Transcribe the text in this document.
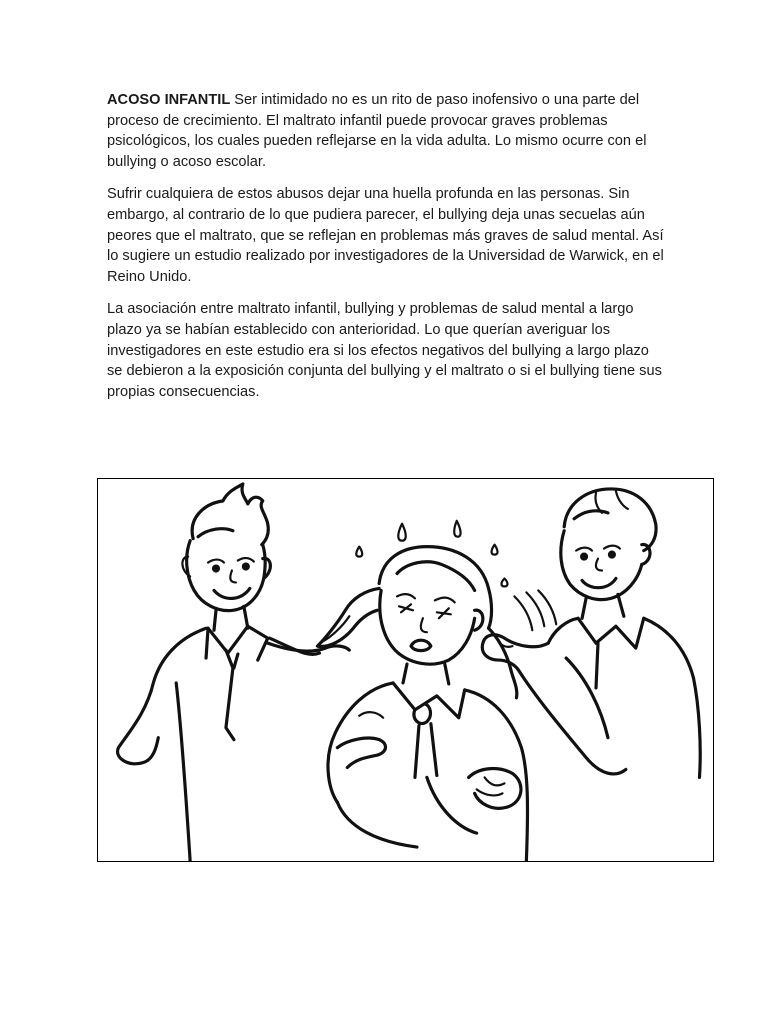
ACOSO INFANTIL Ser intimidado no es un rito de paso inofensivo o una parte del proceso de crecimiento. El maltrato infantil puede provocar graves problemas psicológicos, los cuales pueden reflejarse en la vida adulta. Lo mismo ocurre con el bullying o acoso escolar.

Sufrir cualquiera de estos abusos dejar una huella profunda en las personas. Sin embargo, al contrario de lo que pudiera parecer, el bullying deja unas secuelas aún peores que el maltrato, que se reflejan en problemas más graves de salud mental. Así lo sugiere un estudio realizado por investigadores de la Universidad de Warwick, en el Reino Unido.

La asociación entre maltrato infantil, bullying y problemas de salud mental a largo plazo ya se habían establecido con anterioridad. Lo que querían averiguar los investigadores en este estudio era si los efectos negativos del bullying a largo plazo se debieron a la exposición conjunta del bullying y el maltrato o si el bullying tiene sus propias consecuencias.
